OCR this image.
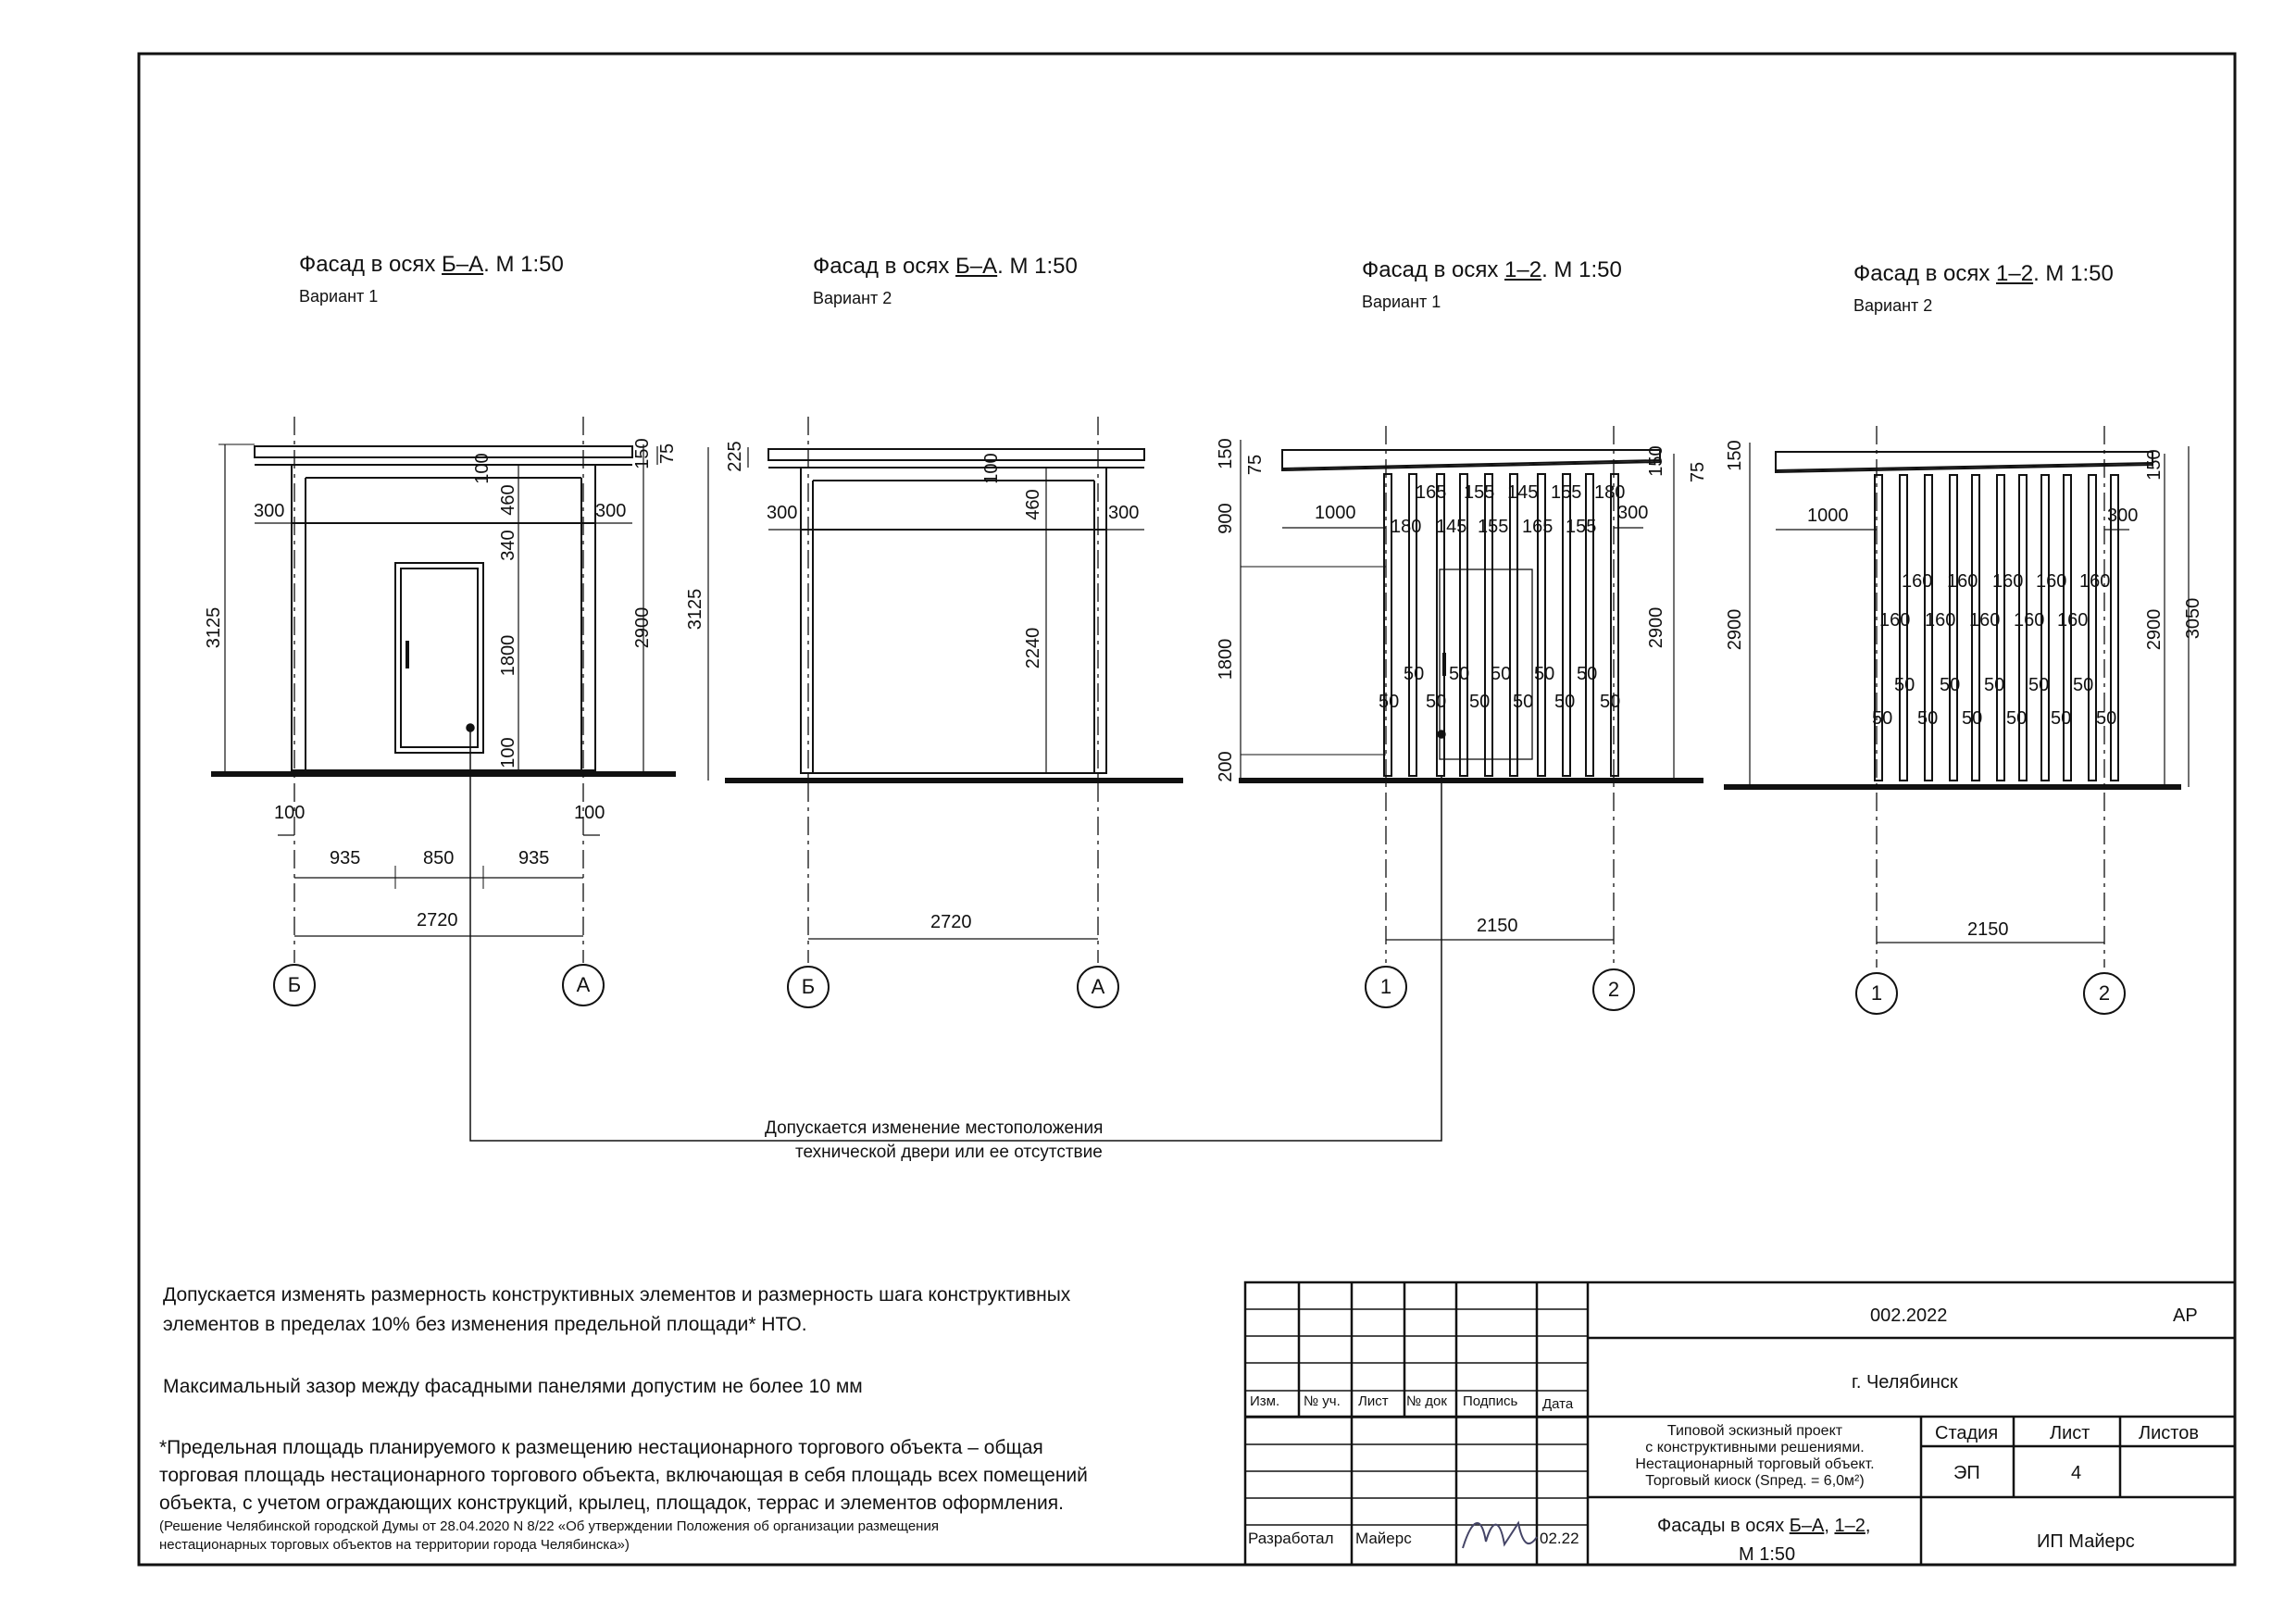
Фасад в осях Б–А. М 1:50
Вариант 1
Фасад в осях Б–А. М 1:50
Вариант 2
Фасад в осях 1–2. М 1:50
Вариант 1
Фасад в осях 1–2. М 1:50
Вариант 2
3125	2900
150 75
100
460
340
1800
100
300	300
100	100
935	850	935
2720
Б	А
225
3125
100
460
2240
300	300
2720
Б	А
150 75
900
1800
200
150 75
2900
1000	300
165 155 145 155 180
180 145 155 165 155
50 50 50 50 50
50 50 50 50 50 50
2150
1	2
150
2900
150
2900 3050
1000	300
160 160 160 160 160
160 160 160 160 160
50 50 50 50 50
50 50 50 50 50 50
2150
1	2
Допускается изменение местоположения
технической двери или ее отсутствие
Допускается изменять размерность конструктивных элементов и размерность шага конструктивных
элементов в пределах 10% без изменения предельной площади* НТО.
Максимальный зазор между фасадными панелями допустим не более 10 мм
*Предельная площадь планируемого к размещению нестационарного торгового объекта – общая
торговая площадь нестационарного торгового объекта, включающая в себя площадь всех помещений
объекта, с учетом ограждающих конструкций, крылец, площадок, террас и элементов оформления.
(Решение Челябинской городской Думы от 28.04.2020 N 8/22 «Об утверждении Положения об организации размещения
нестационарных торговых объектов на территории города Челябинска»)
Изм. № уч. Лист № док Подпись Дата
002.2022	АР
г. Челябинск
Типовой эскизный проект
с конструктивными решениями.
Нестационарный торговый объект.
Торговый киоск (Sпред. = 6,0м²)
Стадия	Лист	Листов
ЭП	4
Разработал Майерс	02.22
Фасады в осях Б–А, 1–2,
М 1:50
ИП Майерс
